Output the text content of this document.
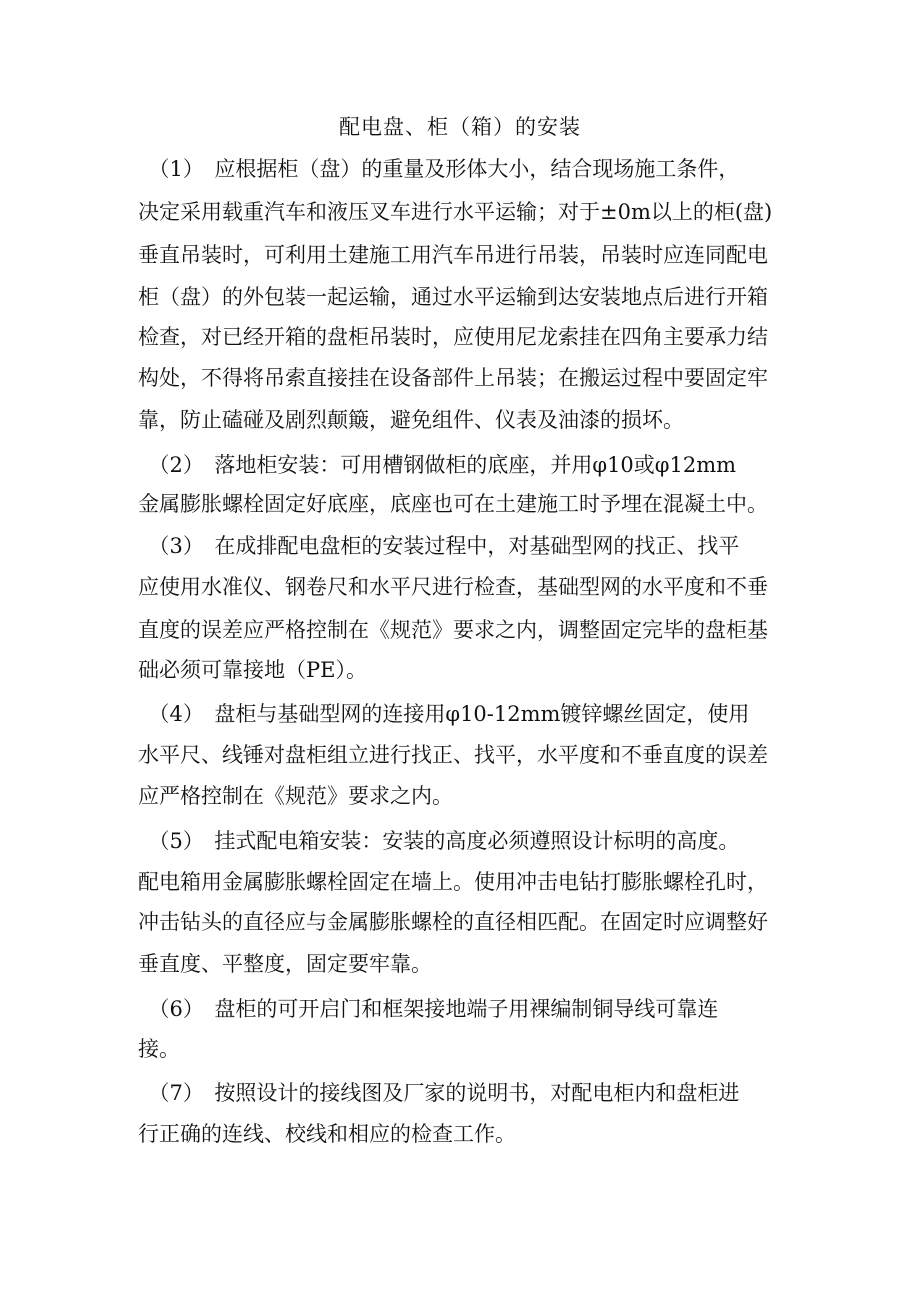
配电盘、柜（箱）的安装
　（1）　应根据柜（盘）的重量及形体大小，结合现场施工条件，
决定采用载重汽车和液压叉车进行水平运输；对于±0m以上的柜(盘)
垂直吊装时，可利用土建施工用汽车吊进行吊装，吊装时应连同配电
柜（盘）的外包装一起运输，通过水平运输到达安装地点后进行开箱
检查，对已经开箱的盘柜吊装时，应使用尼龙索挂在四角主要承力结
构处，不得将吊索直接挂在设备部件上吊装；在搬运过程中要固定牢
靠，防止磕碰及剧烈颠簸，避免组件、仪表及油漆的损坏。
　（2）　落地柜安装：可用槽钢做柜的底座，并用φ10或φ12mm
金属膨胀螺栓固定好底座，底座也可在土建施工时予埋在混凝土中。
　（3）　在成排配电盘柜的安装过程中，对基础型网的找正、找平
应使用水准仪、钢卷尺和水平尺进行检查，基础型网的水平度和不垂
直度的误差应严格控制在《规范》要求之内，调整固定完毕的盘柜基
础必须可靠接地（PE）。
　（4）　盘柜与基础型网的连接用φ10-12mm镀锌螺丝固定，使用
水平尺、线锤对盘柜组立进行找正、找平，水平度和不垂直度的误差
应严格控制在《规范》要求之内。
　（5）　挂式配电箱安装：安装的高度必须遵照设计标明的高度。
配电箱用金属膨胀螺栓固定在墙上。使用冲击电钻打膨胀螺栓孔时，
冲击钻头的直径应与金属膨胀螺栓的直径相匹配。在固定时应调整好
垂直度、平整度，固定要牢靠。
　（6）　盘柜的可开启门和框架接地端子用裸编制铜导线可靠连
接。
　（7）　按照设计的接线图及厂家的说明书，对配电柜内和盘柜进
行正确的连线、校线和相应的检查工作。
